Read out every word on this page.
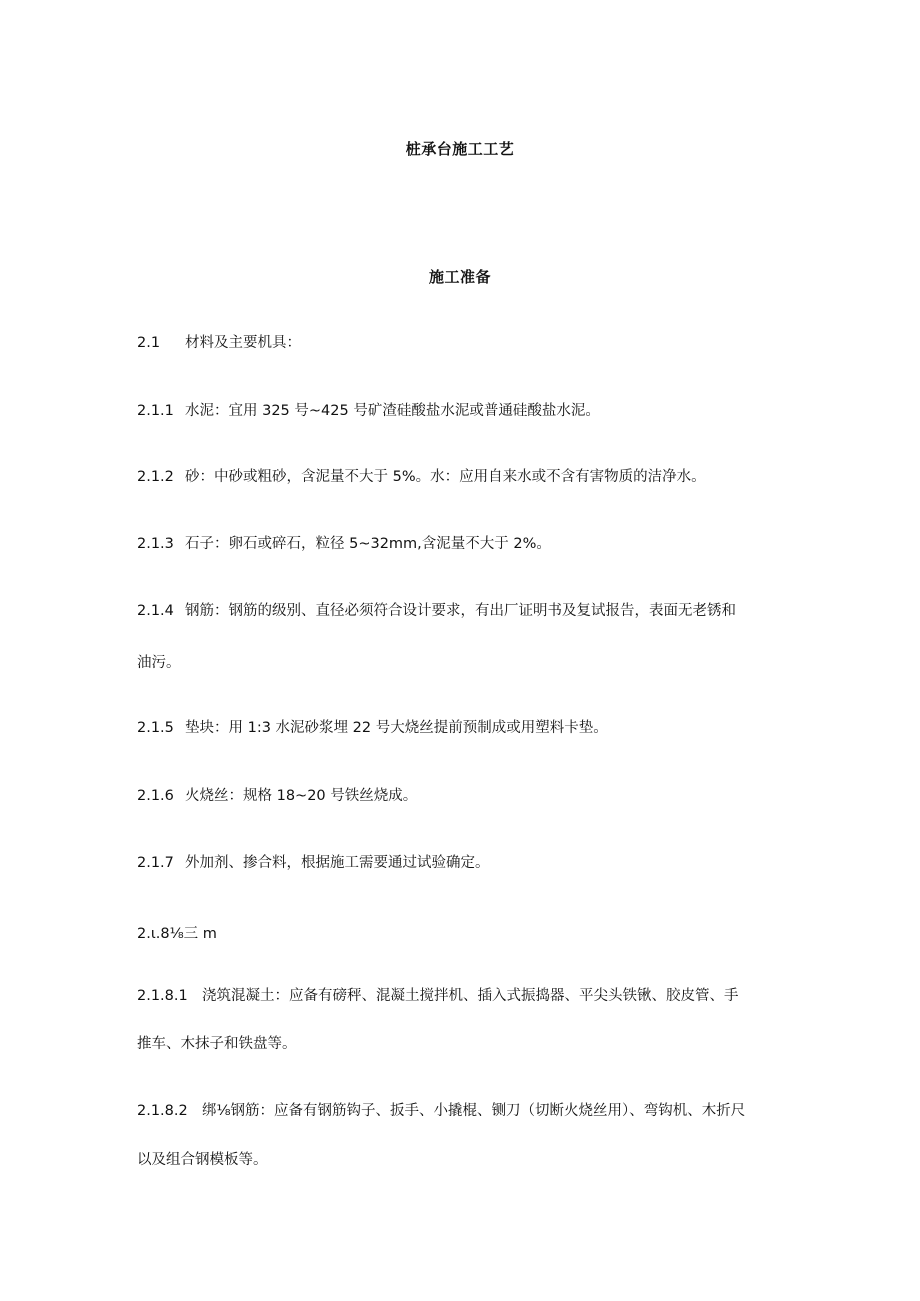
桩承台施工工艺
施工准备
2.1 材料及主要机具：
2.1.1 水泥：宜用 325 号~425 号矿渣硅酸盐水泥或普通硅酸盐水泥。
2.1.2 砂：中砂或粗砂，含泥量不大于 5%。水：应用自来水或不含有害物质的洁净水。
2.1.3 石子：卵石或碎石，粒径 5~32mm,含泥量不大于 2%。
2.1.4 钢筋：钢筋的级别、直径必须符合设计要求，有出厂证明书及复试报告，表面无老锈和
油污。
2.1.5 垫块：用 1:3 水泥砂浆埋 22 号大烧丝提前预制成或用塑料卡垫。
2.1.6 火烧丝：规格 18~20 号铁丝烧成。
2.1.7 外加剂、掺合料，根据施工需要通过试验确定。
2.ι.8⅛三 m
2.1.8.1 浇筑混凝土：应备有磅秤、混凝土搅拌机、插入式振捣器、平尖头铁锹、胶皮管、手
推车、木抹子和铁盘等。
2.1.8.2 绑⅛钢筋：应备有钢筋钩子、扳手、小撬棍、铡刀（切断火烧丝用）、弯钩机、木折尺
以及组合钢模板等。
